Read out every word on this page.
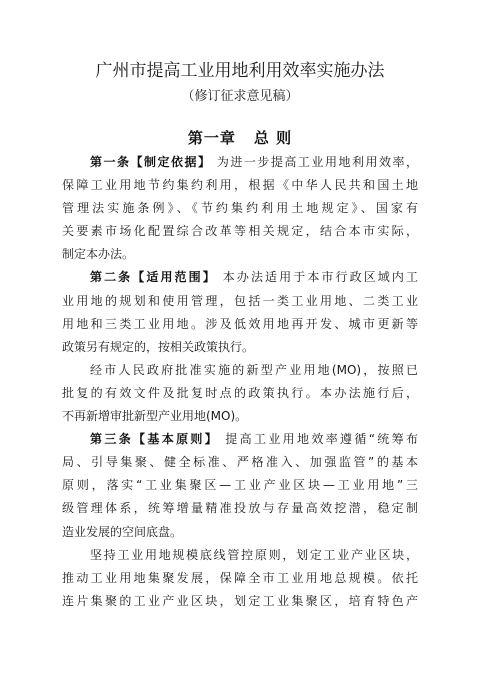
广州市提高工业用地利用效率实施办法
（修订征求意见稿）
第一章 总 则
第一条【制定依据】 为进一步提高工业用地利用效率，
保障工业用地节约集约利用，根据《中华人民共和国土地
管理法实施条例》、《节约集约利用土地规定》、国家有
关要素市场化配置综合改革等相关规定，结合本市实际，
制定本办法。
第二条【适用范围】 本办法适用于本市行政区域内工
业用地的规划和使用管理，包括一类工业用地、二类工业
用地和三类工业用地。涉及低效用地再开发、城市更新等
政策另有规定的，按相关政策执行。
经市人民政府批准实施的新型产业用地(MO)，按照已
批复的有效文件及批复时点的政策执行。本办法施行后，
不再新增审批新型产业用地(MO)。
第三条【基本原则】 提高工业用地效率遵循“统筹布
局、引导集聚、健全标准、严格准入、加强监管”的基本
原则，落实“工业集聚区—工业产业区块—工业用地”三
级管理体系，统筹增量精准投放与存量高效挖潜，稳定制
造业发展的空间底盘。
坚持工业用地规模底线管控原则，划定工业产业区块，
推动工业用地集聚发展，保障全市工业用地总规模。依托
连片集聚的工业产业区块，划定工业集聚区，培育特色产
